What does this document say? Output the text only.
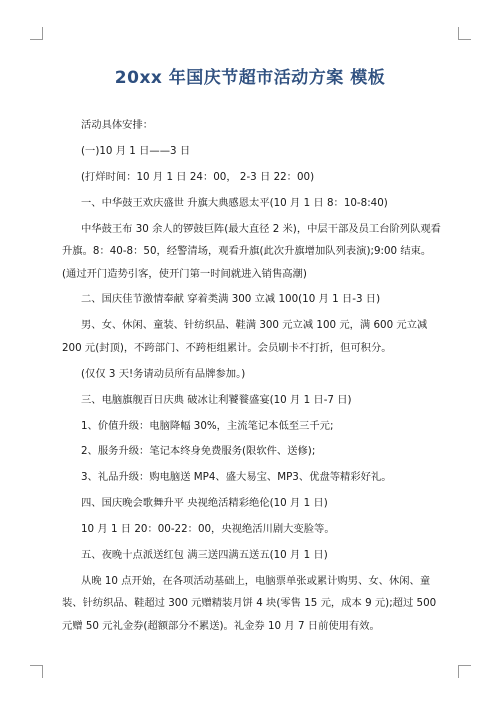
20xx 年国庆节超市活动方案 模板

活动具体安排：

(一)10 月 1 日——3 日

(打烊时间：10 月 1 日 24：00， 2-3 日 22：00)

一、中华鼓王欢庆盛世 升旗大典感恩太平(10 月 1 日 8：10-8:40)

中华鼓王布 30 余人的锣鼓巨阵(最大直径 2 米)，中层干部及员工台阶列队观看升旗。8：40-8：50，经警清场，观看升旗(此次升旗增加队列表演);9:00 结束。(通过开门造势引客，使开门第一时间就进入销售高潮)

二、国庆佳节激情奉献 穿着类满 300 立减 100(10 月 1 日-3 日)

男、女、休闲、童装、针纺织品、鞋满 300 元立减 100 元，满 600 元立减 200 元(封顶)，不跨部门、不跨柜组累计。会员刷卡不打折，但可积分。

(仅仅 3 天!务请动员所有品牌参加。)

三、电脑旗舰百日庆典 破冰让利饕餮盛宴(10 月 1 日-7 日)

1、价值升级：电脑降幅 30%，主流笔记本低至三千元;

2、服务升级：笔记本终身免费服务(限软件、送修);

3、礼品升级：购电脑送 MP4、盛大易宝、MP3、优盘等精彩好礼。

四、国庆晚会歌舞升平 央视绝活精彩绝伦(10 月 1 日)

10 月 1 日 20：00-22：00，央视绝活川剧大变脸等。

五、夜晚十点派送红包 满三送四满五送五(10 月 1 日)

从晚 10 点开始，在各项活动基础上，电脑票单张或累计购男、女、休闲、童装、针纺织品、鞋超过 300 元赠精装月饼 4 块(零售 15 元，成本 9 元);超过 500 元赠 50 元礼金券(超额部分不累送)。礼金券 10 月 7 日前使用有效。
